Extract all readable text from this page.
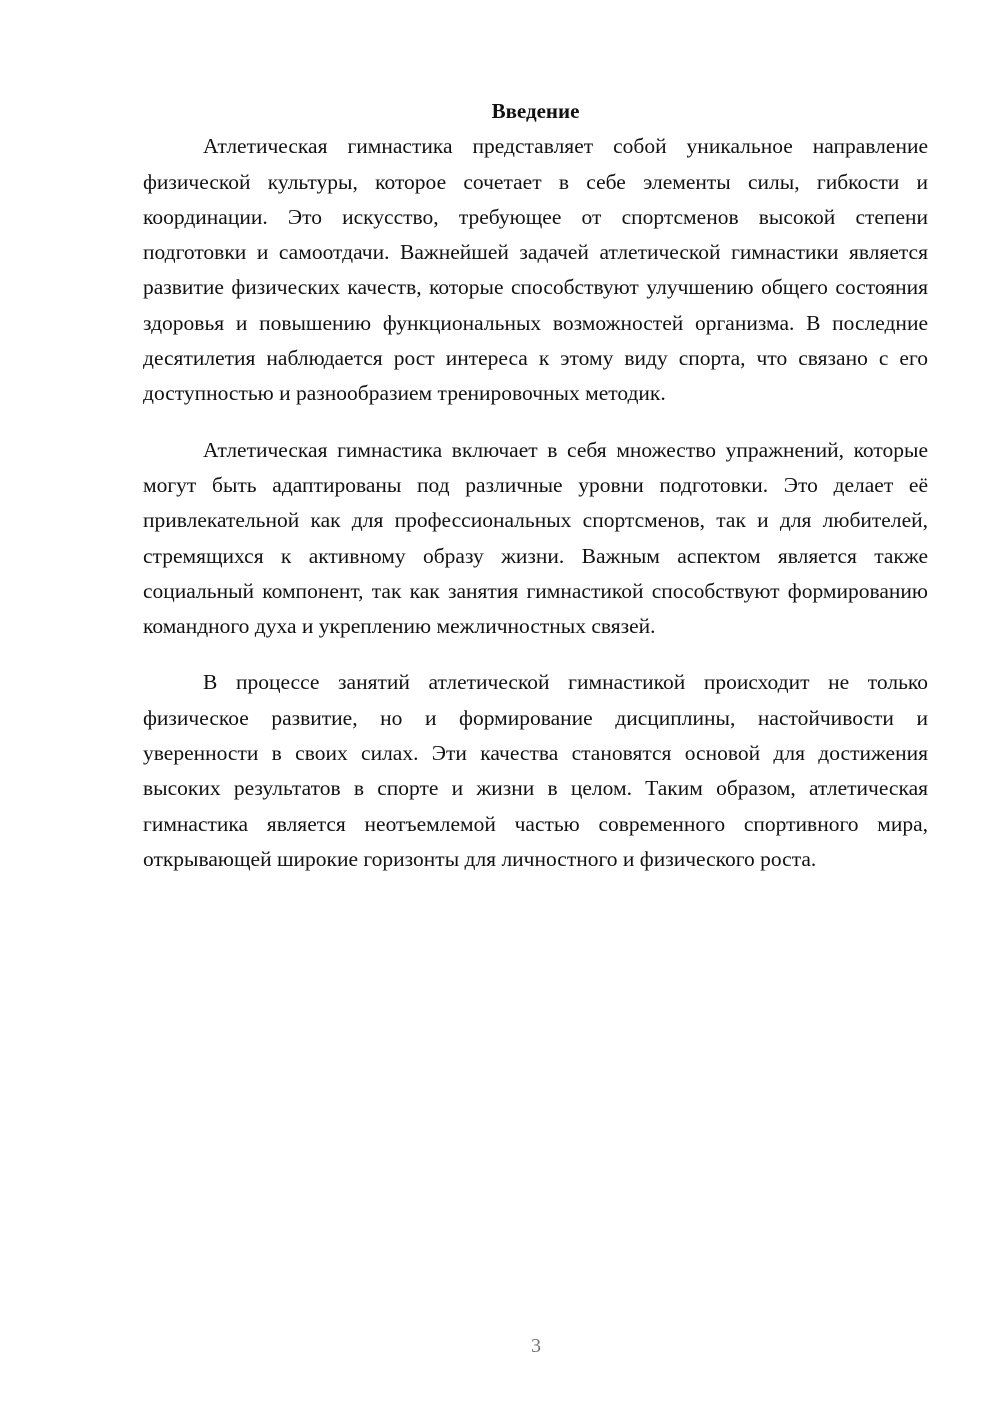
Введение

Атлетическая гимнастика представляет собой уникальное направление физической культуры, которое сочетает в себе элементы силы, гибкости и координации. Это искусство, требующее от спортсменов высокой степени подготовки и самоотдачи. Важнейшей задачей атлетической гимнастики является развитие физических качеств, которые способствуют улучшению общего состояния здоровья и повышению функциональных возможностей организма. В последние десятилетия наблюдается рост интереса к этому виду спорта, что связано с его доступностью и разнообразием тренировочных методик.

Атлетическая гимнастика включает в себя множество упражнений, которые могут быть адаптированы под различные уровни подготовки. Это делает её привлекательной как для профессиональных спортсменов, так и для любителей, стремящихся к активному образу жизни. Важным аспектом является также социальный компонент, так как занятия гимнастикой способствуют формированию командного духа и укреплению межличностных связей.

В процессе занятий атлетической гимнастикой происходит не только физическое развитие, но и формирование дисциплины, настойчивости и уверенности в своих силах. Эти качества становятся основой для достижения высоких результатов в спорте и жизни в целом. Таким образом, атлетическая гимнастика является неотъемлемой частью современного спортивного мира, открывающей широкие горизонты для личностного и физического роста.

3
